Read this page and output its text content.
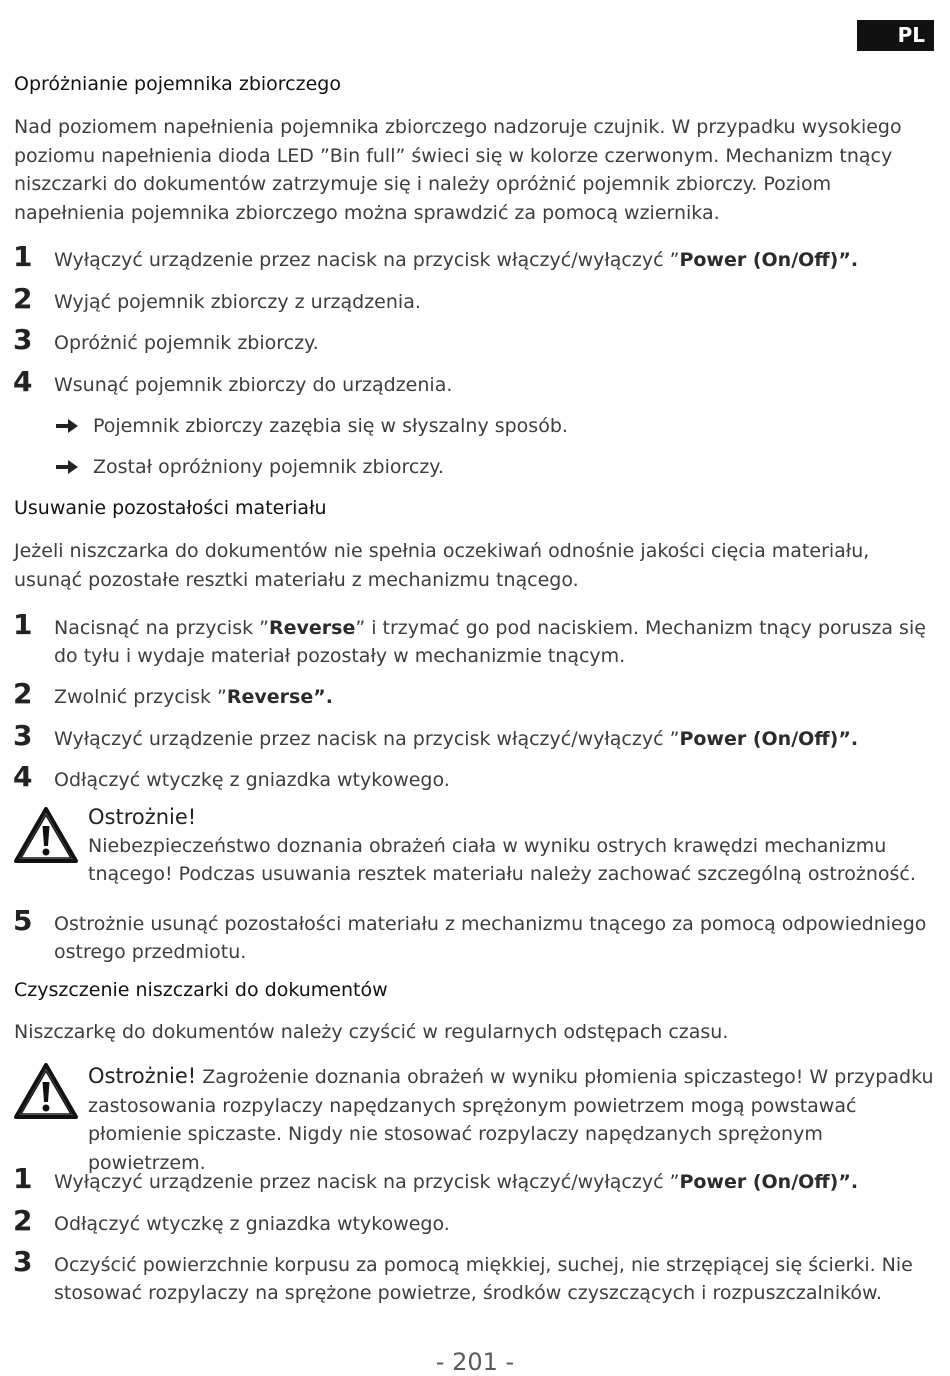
PL
Opróżnianie pojemnika zbiorczego
Nad poziomem napełnienia pojemnika zbiorczego nadzoruje czujnik. W przypadku wysokiego poziomu napełnienia dioda LED ”Bin full” świeci się w kolorze czerwonym. Mechanizm tnący niszczarki do dokumentów zatrzymuje się i należy opróżnić pojemnik zbiorczy. Poziom napełnienia pojemnika zbiorczego można sprawdzić za pomocą wziernika.
1	Wyłączyć urządzenie przez nacisk na przycisk włączyć/wyłączyć ”Power (On/Off)”.
2	Wyjąć pojemnik zbiorczy z urządzenia.
3	Opróżnić pojemnik zbiorczy.
4	Wsunąć pojemnik zbiorczy do urządzenia.
Pojemnik zbiorczy zazębia się w słyszalny sposób.
Został opróżniony pojemnik zbiorczy.
Usuwanie pozostałości materiału
Jeżeli niszczarka do dokumentów nie spełnia oczekiwań odnośnie jakości cięcia materiału, usunąć pozostałe resztki materiału z mechanizmu tnącego.
1	Nacisnąć na przycisk ”Reverse” i trzymać go pod naciskiem. Mechanizm tnący porusza się do tyłu i wydaje materiał pozostały w mechanizmie tnącym.
2	Zwolnić przycisk ”Reverse”.
3	Wyłączyć urządzenie przez nacisk na przycisk włączyć/wyłączyć ”Power (On/Off)”.
4	Odłączyć wtyczkę z gniazdka wtykowego.
Ostrożnie!
Niebezpieczeństwo doznania obrażeń ciała w wyniku ostrych krawędzi mechanizmu tnącego! Podczas usuwania resztek materiału należy zachować szczególną ostrożność.
5	Ostrożnie usunąć pozostałości materiału z mechanizmu tnącego za pomocą odpowiedniego ostrego przedmiotu.
Czyszczenie niszczarki do dokumentów
Niszczarkę do dokumentów należy czyścić w regularnych odstępach czasu.
Ostrożnie! Zagrożenie doznania obrażeń w wyniku płomienia spiczastego! W przypadku zastosowania rozpylaczy napędzanych sprężonym powietrzem mogą powstawać płomienie spiczaste. Nigdy nie stosować rozpylaczy napędzanych sprężonym powietrzem.
1	Wyłączyć urządzenie przez nacisk na przycisk włączyć/wyłączyć ”Power (On/Off)”.
2	Odłączyć wtyczkę z gniazdka wtykowego.
3	Oczyścić powierzchnie korpusu za pomocą miękkiej, suchej, nie strzępiącej się ścierki. Nie stosować rozpylaczy na sprężone powietrze, środków czyszczących i rozpuszczalników.
- 201 -
